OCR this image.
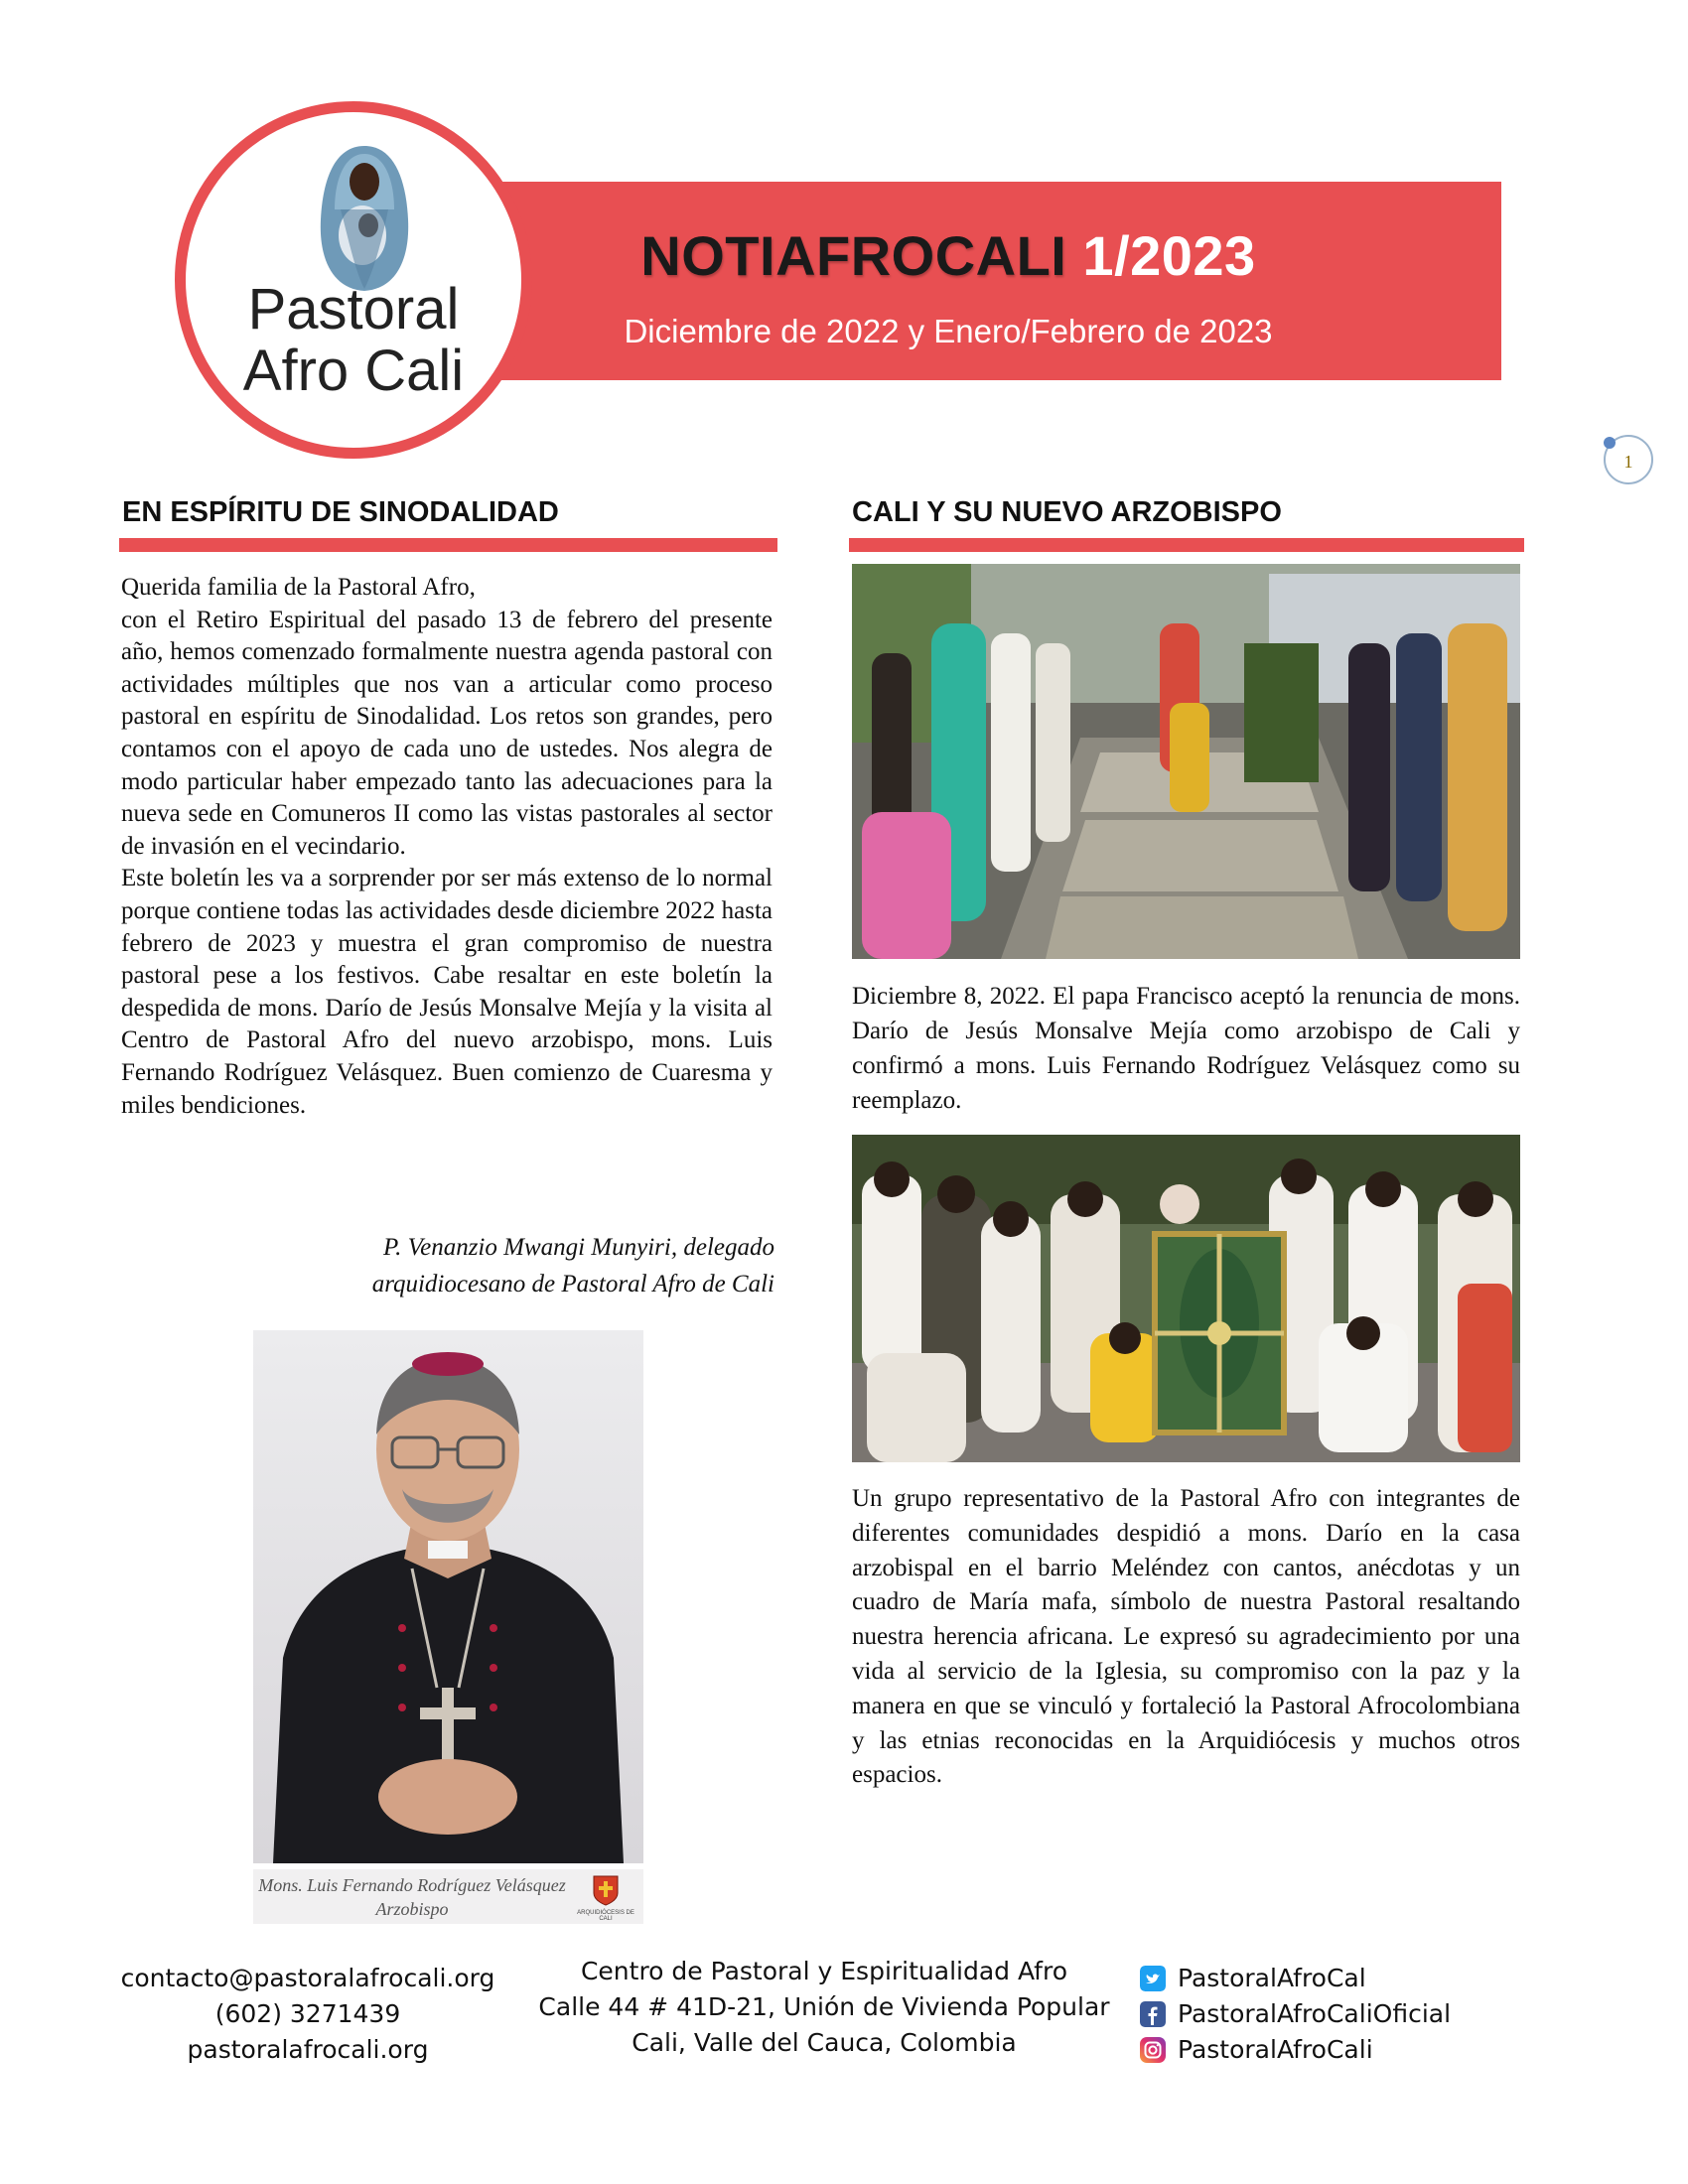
Pastoral
Afro Cali
NOTIAFROCALI 1/2023
Diciembre de 2022 y Enero/Febrero de 2023
1
EN ESPÍRITU DE SINODALIDAD

Querida familia de la Pastoral Afro,

con el Retiro Espiritual del pasado 13 de febrero del presente año, hemos comenzado formalmente nuestra agenda pastoral con actividades múltiples que nos van a articular como proceso pastoral en espíritu de Sinodalidad. Los retos son grandes, pero contamos con el apoyo de cada uno de ustedes. Nos alegra de modo particular haber empezado tanto las adecuaciones para la nueva sede en Comuneros II como las vistas pastorales al sector de invasión en el vecindario.

Este boletín les va a sorprender por ser más extenso de lo normal porque contiene todas las actividades desde diciembre 2022 hasta febrero de 2023 y muestra el gran compromiso de nuestra pastoral pese a los festivos. Cabe resaltar en este boletín la despedida de mons. Darío de Jesús Monsalve Mejía y la visita al Centro de Pastoral Afro del nuevo arzobispo, mons. Luis Fernando Rodríguez Velásquez. Buen comienzo de Cuaresma y miles bendiciones.

P. Venanzio Mwangi Munyiri, delegado
arquidiocesano de Pastoral Afro de Cali
Mons. Luis Fernando Rodríguez Velásquez
Arzobispo	ARQUIDIÓCESIS DE CALI
CALI Y SU NUEVO ARZOBISPO
Diciembre 8, 2022. El papa Francisco aceptó la renuncia de mons. Darío de Jesús Monsalve Mejía como arzobispo de Cali y confirmó a mons. Luis Fernando Rodríguez Velásquez como su reemplazo.
Un grupo representativo de la Pastoral Afro con integrantes de diferentes comunidades despidió a mons. Darío en la casa arzobispal en el barrio Meléndez con cantos, anécdotas y un cuadro de María mafa, símbolo de nuestra Pastoral resaltando nuestra herencia africana. Le expresó su agradecimiento por una vida al servicio de la Iglesia, su compromiso con la paz y la manera en que se vinculó y fortaleció la Pastoral Afrocolombiana y las etnias reconocidas en la Arquidiócesis y muchos otros espacios.
contacto@pastoralafrocali.org
(602) 3271439
pastoralafrocali.org
Centro de Pastoral y Espiritualidad Afro
Calle 44 # 41D-21, Unión de Vivienda Popular
Cali, Valle del Cauca, Colombia
PastoralAfroCal
PastoralAfroCaliOficial
PastoralAfroCali
